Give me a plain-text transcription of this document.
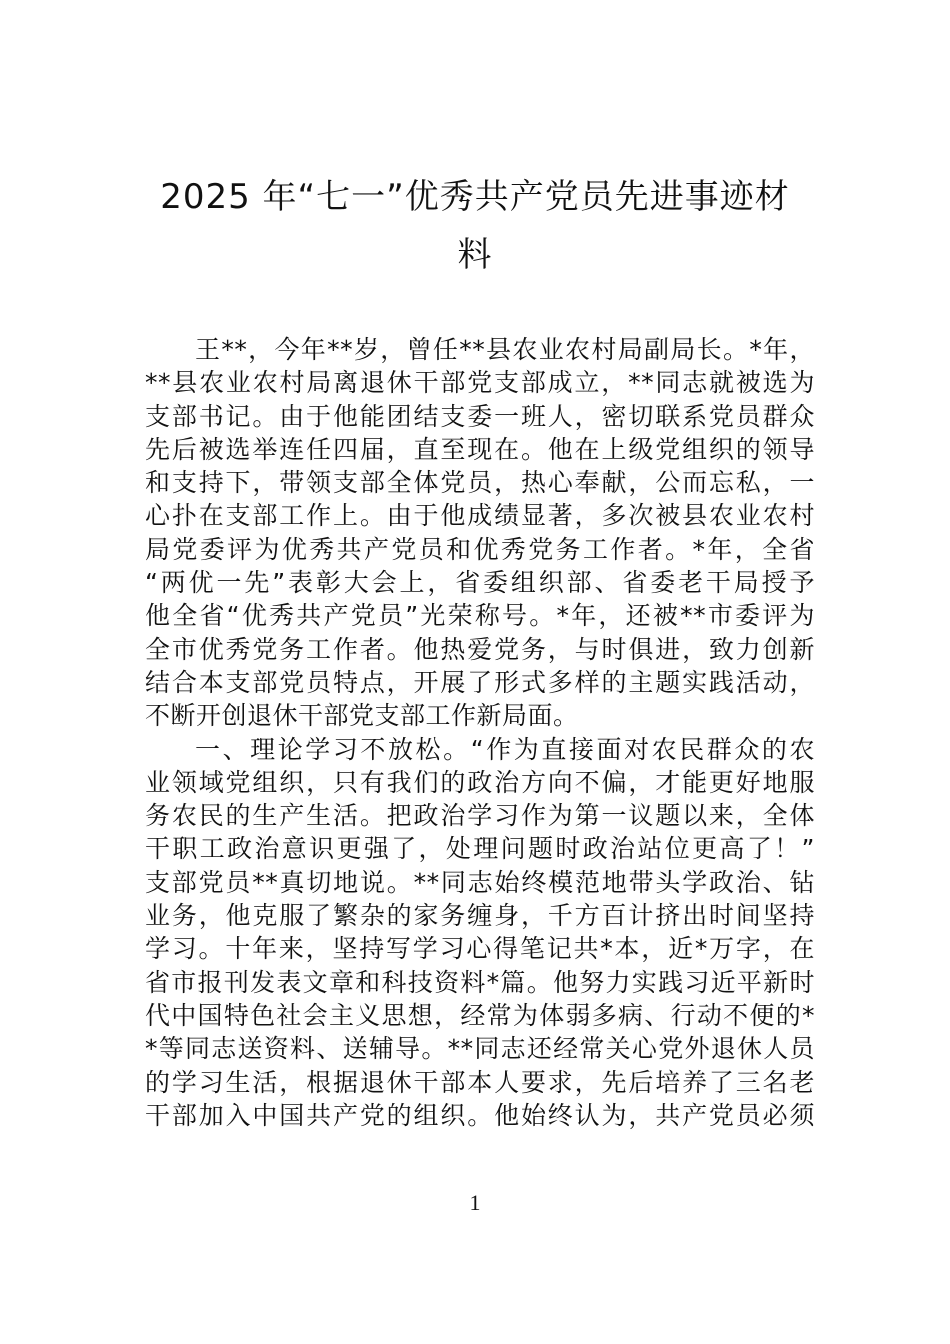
2025 年“七一”优秀共产党员先进事迹材
料
王**，今年**岁，曾任**县农业农村局副局长。*年，
**县农业农村局离退休干部党支部成立，**同志就被选为
支部书记。由于他能团结支委一班人，密切联系党员群众
先后被选举连任四届，直至现在。他在上级党组织的领导
和支持下，带领支部全体党员，热心奉献，公而忘私，一
心扑在支部工作上。由于他成绩显著，多次被县农业农村
局党委评为优秀共产党员和优秀党务工作者。*年，全省
“两优一先”表彰大会上，省委组织部、省委老干局授予
他全省“优秀共产党员”光荣称号。*年，还被**市委评为
全市优秀党务工作者。他热爱党务，与时俱进，致力创新
结合本支部党员特点，开展了形式多样的主题实践活动，
不断开创退休干部党支部工作新局面。
一、理论学习不放松。“作为直接面对农民群众的农
业领域党组织，只有我们的政治方向不偏，才能更好地服
务农民的生产生活。把政治学习作为第一议题以来，全体
干职工政治意识更强了，处理问题时政治站位更高了！”
支部党员**真切地说。**同志始终模范地带头学政治、钻
业务，他克服了繁杂的家务缠身，千方百计挤出时间坚持
学习。十年来，坚持写学习心得笔记共*本，近*万字，在
省市报刊发表文章和科技资料*篇。他努力实践习近平新时
代中国特色社会主义思想，经常为体弱多病、行动不便的*
*等同志送资料、送辅导。**同志还经常关心党外退休人员
的学习生活，根据退休干部本人要求，先后培养了三名老
干部加入中国共产党的组织。他始终认为，共产党员必须
1
